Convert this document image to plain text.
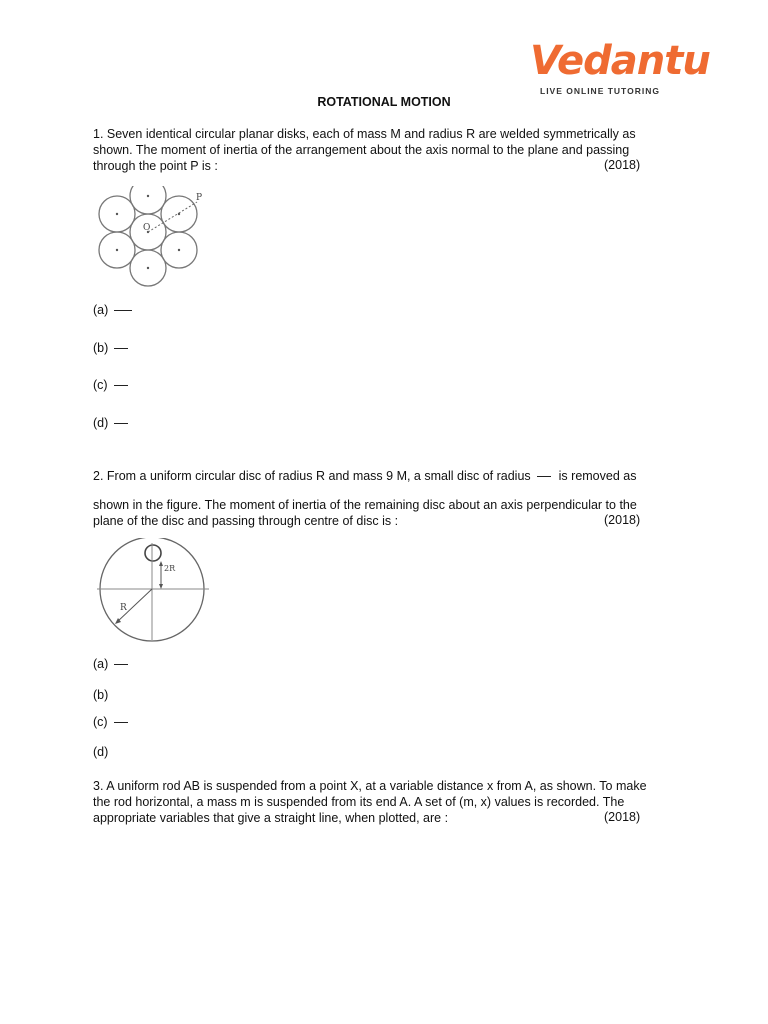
Vedantu
LIVE ONLINE TUTORING
ROTATIONAL MOTION
1. Seven identical circular planar disks, each of mass M and radius R are welded symmetrically as
shown. The moment of inertia of the arrangement about the axis normal to the plane and passing
through the point P is :	(2018)
P
O
(a)
(b)
(c)
(d)
2. From a uniform circular disc of radius R and mass 9 M, a small disc of radius is removed as
shown in the figure. The moment of inertia of the remaining disc about an axis perpendicular to the
plane of the disc and passing through centre of disc is :	(2018)
2R
R
(a)
(b)
(c)
(d)
3. A uniform rod AB is suspended from a point X, at a variable distance x from A, as shown. To make
the rod horizontal, a mass m is suspended from its end A. A set of (m, x) values is recorded. The
appropriate variables that give a straight line, when plotted, are :	(2018)
